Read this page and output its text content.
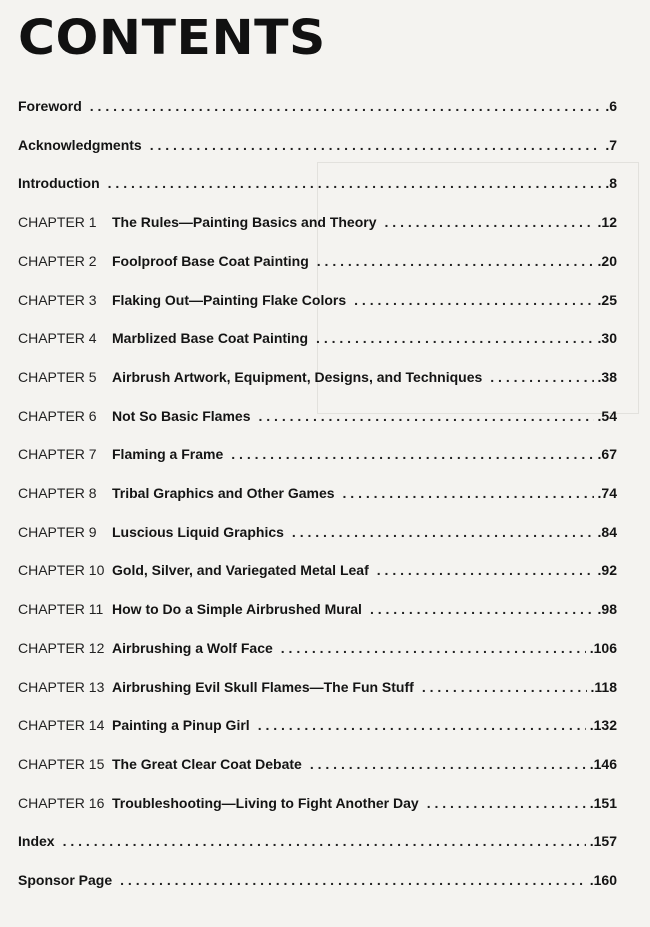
CONTENTS
Foreword . . .	.6
Acknowledgments . . .	.7
Introduction . . .	.8
CHAPTER 1 The Rules—Painting Basics and Theory . . .	.12
CHAPTER 2 Foolproof Base Coat Painting . . .	.20
CHAPTER 3 Flaking Out—Painting Flake Colors . . .	.25
CHAPTER 4 Marblized Base Coat Painting . . .	.30
CHAPTER 5 Airbrush Artwork, Equipment, Designs, and Techniques . . .	.38
CHAPTER 6 Not So Basic Flames . . .	.54
CHAPTER 7 Flaming a Frame . . .	.67
CHAPTER 8 Tribal Graphics and Other Games . . .	.74
CHAPTER 9 Luscious Liquid Graphics . . .	.84
CHAPTER 10 Gold, Silver, and Variegated Metal Leaf . . .	.92
CHAPTER 11 How to Do a Simple Airbrushed Mural . . .	.98
CHAPTER 12 Airbrushing a Wolf Face . . .	.106
CHAPTER 13 Airbrushing Evil Skull Flames—The Fun Stuff . . .	.118
CHAPTER 14 Painting a Pinup Girl . . .	.132
CHAPTER 15 The Great Clear Coat Debate . . .	.146
CHAPTER 16 Troubleshooting—Living to Fight Another Day . . .	.151
Index . . .	.157
Sponsor Page . . .	.160
